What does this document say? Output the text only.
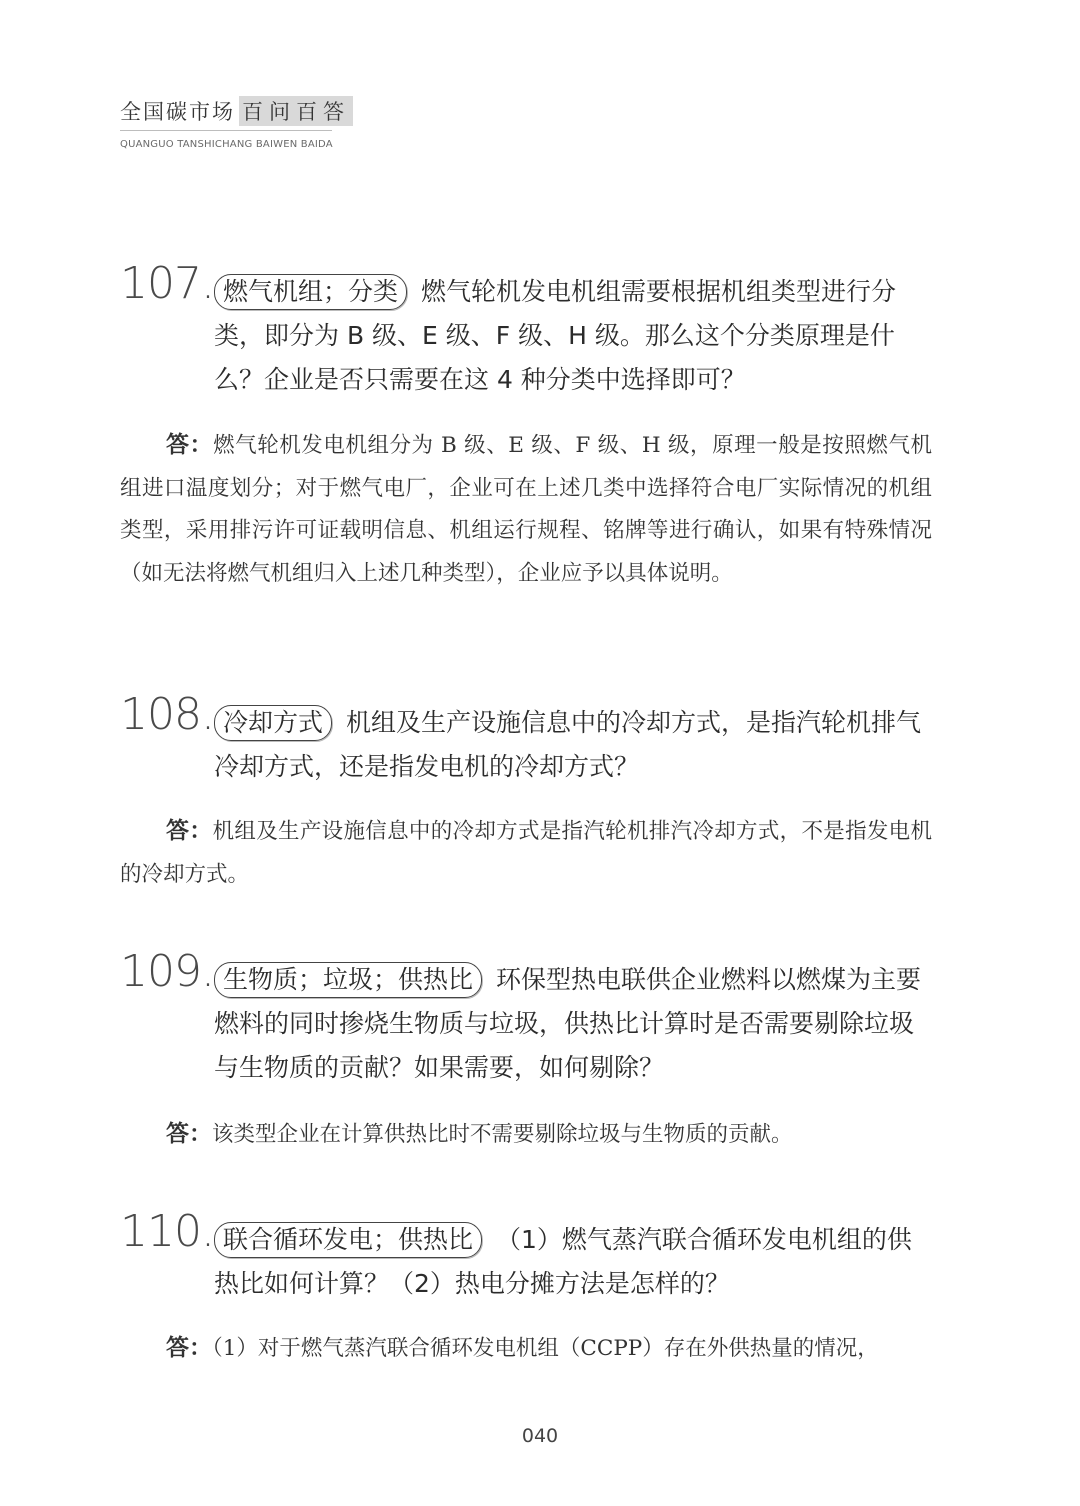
全国碳市场 百问百答
QUANGUO TANSHICHANG BAIWEN BAIDA
107. 燃气机组；分类 燃气轮机发电机组需要根据机组类型进行分类，即分为 B 级、E 级、F 级、H 级。那么这个分类原理是什么？企业是否只需要在这 4 种分类中选择即可？
答：燃气轮机发电机组分为 B 级、E 级、F 级、H 级，原理一般是按照燃气机组进口温度划分；对于燃气电厂，企业可在上述几类中选择符合电厂实际情况的机组类型，采用排污许可证载明信息、机组运行规程、铭牌等进行确认，如果有特殊情况（如无法将燃气机组归入上述几种类型），企业应予以具体说明。
108. 冷却方式 机组及生产设施信息中的冷却方式，是指汽轮机排气冷却方式，还是指发电机的冷却方式？
答：机组及生产设施信息中的冷却方式是指汽轮机排汽冷却方式，不是指发电机的冷却方式。
109. 生物质；垃圾；供热比 环保型热电联供企业燃料以燃煤为主要燃料的同时掺烧生物质与垃圾，供热比计算时是否需要剔除垃圾与生物质的贡献？如果需要，如何剔除？
答：该类型企业在计算供热比时不需要剔除垃圾与生物质的贡献。
110. 联合循环发电；供热比 （1）燃气蒸汽联合循环发电机组的供热比如何计算？（2）热电分摊方法是怎样的？
答：（1）对于燃气蒸汽联合循环发电机组（CCPP）存在外供热量的情况，
040
